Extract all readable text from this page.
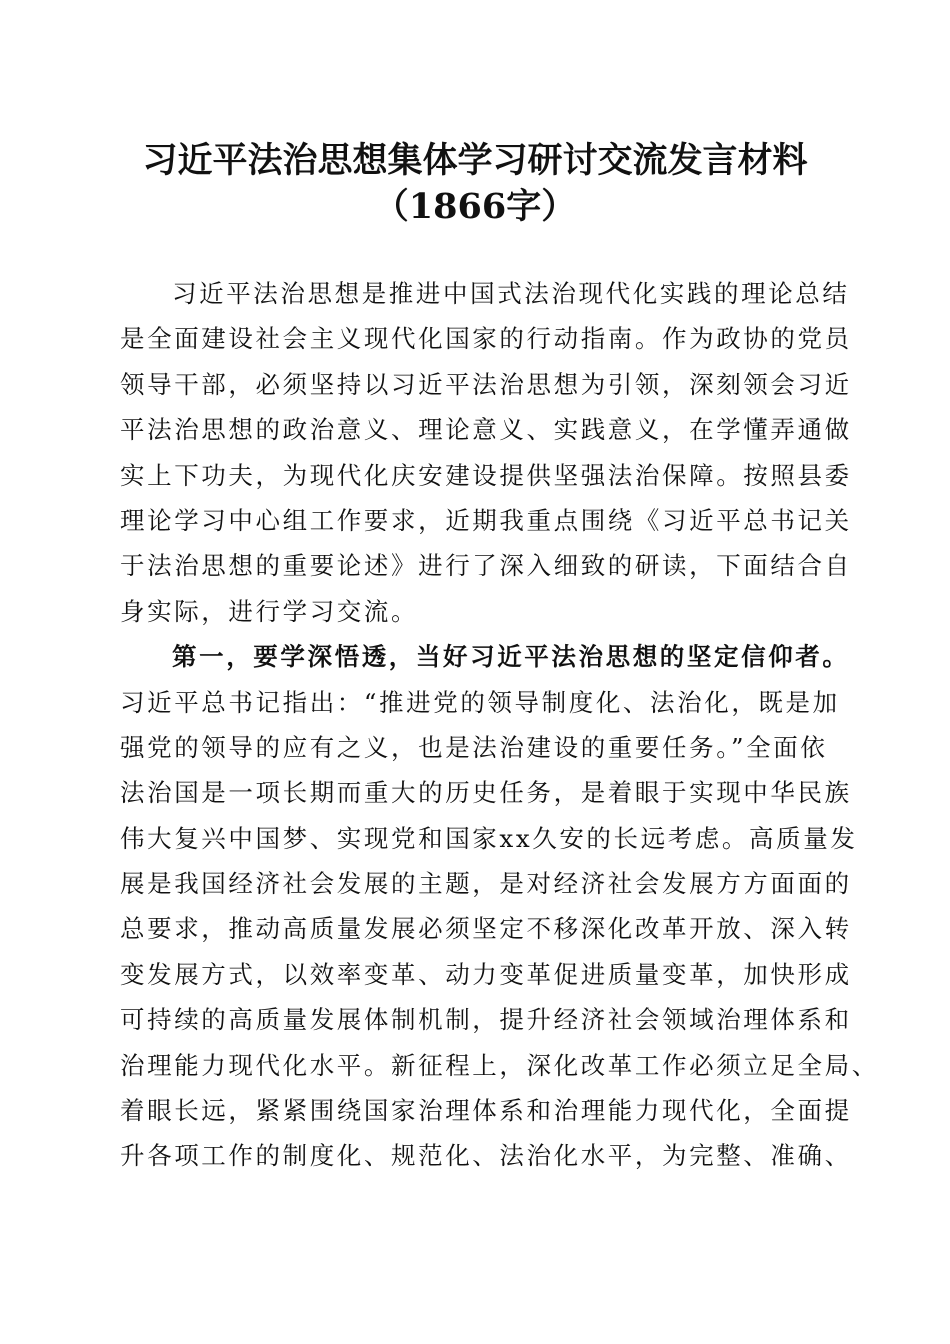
习近平法治思想集体学习研讨交流发言材料
（1866字）
习近平法治思想是推进中国式法治现代化实践的理论总结
是全面建设社会主义现代化国家的行动指南。作为政协的党员
领导干部，必须坚持以习近平法治思想为引领，深刻领会习近
平法治思想的政治意义、理论意义、实践意义，在学懂弄通做
实上下功夫，为现代化庆安建设提供坚强法治保障。按照县委
理论学习中心组工作要求，近期我重点围绕《习近平总书记关
于法治思想的重要论述》进行了深入细致的研读，下面结合自
身实际，进行学习交流。
第一，要学深悟透，当好习近平法治思想的坚定信仰者。
习近平总书记指出：“推进党的领导制度化、法治化，既是加
强党的领导的应有之义，也是法治建设的重要任务。”全面依
法治国是一项长期而重大的历史任务，是着眼于实现中华民族
伟大复兴中国梦、实现党和国家xx久安的长远考虑。高质量发
展是我国经济社会发展的主题，是对经济社会发展方方面面的
总要求，推动高质量发展必须坚定不移深化改革开放、深入转
变发展方式，以效率变革、动力变革促进质量变革，加快形成
可持续的高质量发展体制机制，提升经济社会领域治理体系和
治理能力现代化水平。新征程上，深化改革工作必须立足全局、
着眼长远，紧紧围绕国家治理体系和治理能力现代化，全面提
升各项工作的制度化、规范化、法治化水平，为完整、准确、
